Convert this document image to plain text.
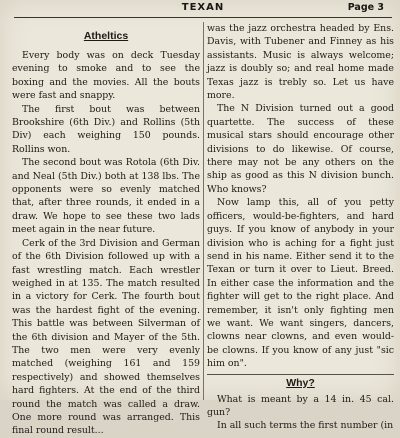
TEXAN	Page 3
Atheltics

Every body was on deck Tuesday evening to smoke and to see the boxing and the movies. All the bouts were fast and snappy.

The first bout was between Brookshire (6th Div.) and Rollins (5th Div) each weighing 150 pounds. Rollins won.

The second bout was Rotola (6th Div. and Neal (5th Div.) both at 138 lbs. The opponents were so evenly matched that, after three rounds, it ended in a draw. We hope to see these two lads meet again in the near future.

Cerk of the 3rd Division and German of the 6th Division followed up with a fast wrestling match. Each wrestler weighed in at 135. The match resulted in a victory for Cerk. The fourth bout was the hardest fight of the evening. This battle was between Silverman of the 6th division and Mayer of the 5th. The two men were very evenly matched (weighing 161 and 159 respectively) and showed themselves hard fighters. At the end of the third round the match was called a draw. One more round was arranged. This final round result...

was the jazz orchestra headed by Ens. Davis, with Tubener and Finney as his assistants. Music is always welcome; jazz is doubly so; and real home made Texas jazz is trebly so. Let us have more.

The N Division turned out a good quartette. The success of these musical stars should encourage other divisions to do likewise. Of course, there may not be any others on the ship as good as this N division bunch. Who knows?

Now lamp this, all of you petty officers, would-be-fighters, and hard guys. If you know of anybody in your division who is aching for a fight just send in his name. Either send it to the Texan or turn it over to Lieut. Breed. In either case the information and the fighter will get to the right place. And remember, it isn't only fighting men we want. We want singers, dancers, clowns near clowns, and even would-be clowns. If you know of any just "sic him on".

Why?

What is meant by a 14 in. 45 cal. gun?

In all such terms the first number (in
